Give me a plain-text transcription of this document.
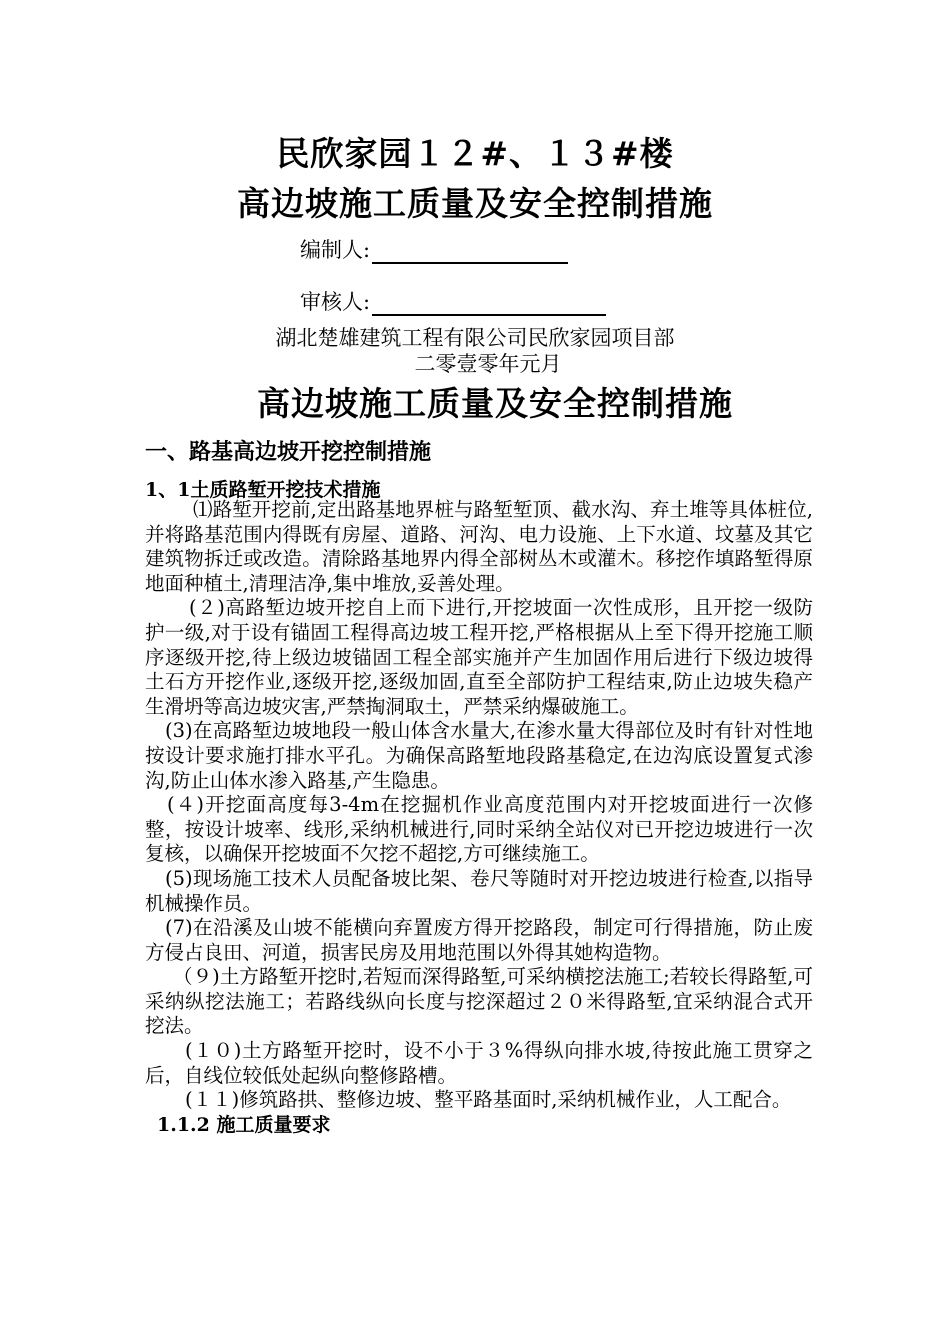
民欣家园１２#、１３#楼
高边坡施工质量及安全控制措施
编制人:
审核人:
湖北楚雄建筑工程有限公司民欣家园项目部
二零壹零年元月
高边坡施工质量及安全控制措施
一、路基高边坡开挖控制措施
1、1土质路堑开挖技术措施

⑴路堑开挖前,定出路基地界桩与路堑堑顶、截水沟、弃土堆等具体桩位,并将路基范围内得既有房屋、道路、河沟、电力设施、上下水道、坟墓及其它建筑物拆迁或改造。清除路基地界内得全部树丛木或灌木。移挖作填路堑得原地面种植土,清理洁净,集中堆放,妥善处理。

(２)高路堑边坡开挖自上而下进行,开挖坡面一次性成形，且开挖一级防护一级,对于设有锚固工程得高边坡工程开挖,严格根据从上至下得开挖施工顺序逐级开挖,待上级边坡锚固工程全部实施并产生加固作用后进行下级边坡得土石方开挖作业,逐级开挖,逐级加固,直至全部防护工程结束,防止边坡失稳产生滑坍等高边坡灾害,严禁掏洞取土，严禁采纳爆破施工。

(3)在高路堑边坡地段一般山体含水量大,在渗水量大得部位及时有针对性地按设计要求施打排水平孔。为确保高路堑地段路基稳定,在边沟底设置复式渗沟,防止山体水渗入路基,产生隐患。

(４)开挖面高度每3-4m在挖掘机作业高度范围内对开挖坡面进行一次修整，按设计坡率、线形,采纳机械进行,同时采纳全站仪对已开挖边坡进行一次复核，以确保开挖坡面不欠挖不超挖,方可继续施工。

(5)现场施工技术人员配备坡比架、卷尺等随时对开挖边坡进行检查,以指导机械操作员。

(7)在沿溪及山坡不能横向弃置废方得开挖路段，制定可行得措施，防止废方侵占良田、河道，损害民房及用地范围以外得其她构造物。

（９)土方路堑开挖时,若短而深得路堑,可采纳横挖法施工;若较长得路堑,可采纳纵挖法施工；若路线纵向长度与挖深超过２０米得路堑,宜采纳混合式开挖法。

(１０)土方路堑开挖时，设不小于３%得纵向排水坡,待按此施工贯穿之后，自线位较低处起纵向整修路槽。

(１１)修筑路拱、整修边坡、整平路基面时,采纳机械作业，人工配合。

1.1.2 施工质量要求
